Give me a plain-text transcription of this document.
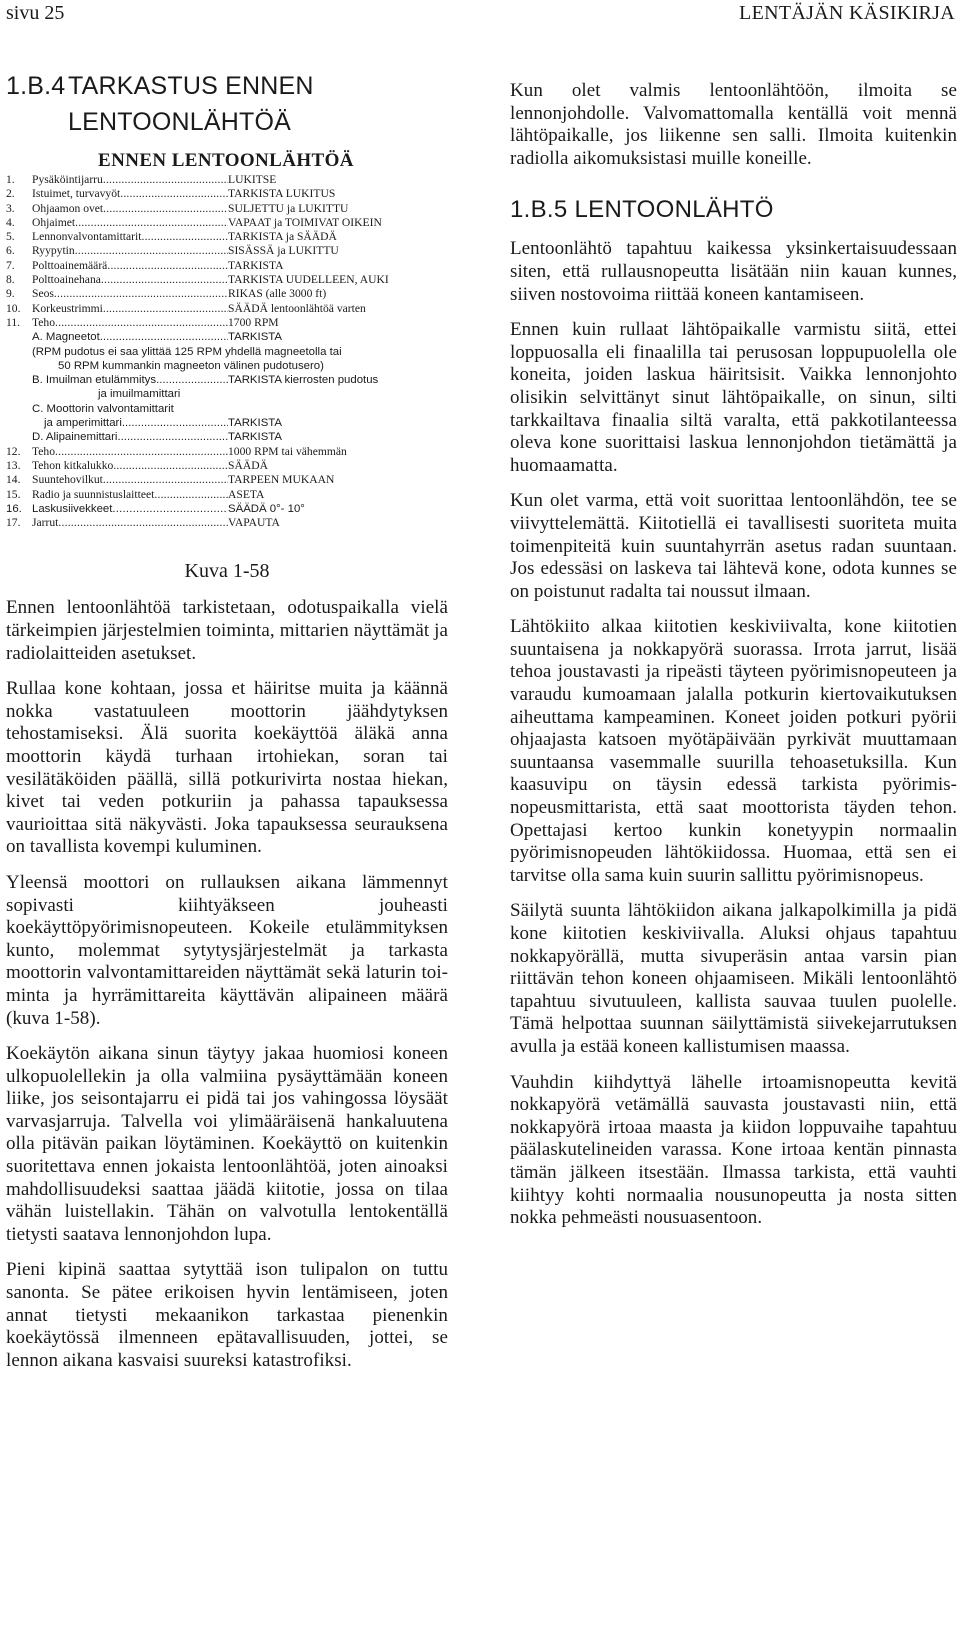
sivu 25	LENTÄJÄN KÄSIKIRJA
1.B.4 TARKASTUS ENNEN
LENTOONLÄHTÖÄ
ENNEN LENTOONLÄHTÖÄ
1.	Pysäköintijarru .....	LUKITSE
2.	Istuimet, turvavyöt .....	TARKISTA LUKITUS
3.	Ohjaamon ovet .....	SULJETTU ja LUKITTU
4.	Ohjaimet .....	VAPAAT ja TOIMIVAT OIKEIN
5.	Lennonvalvontamittarit .....	TARKISTA ja SÄÄDÄ
6.	Ryypytin .....	SISÄSSÄ ja LUKITTU
7.	Polttoainemäärä .....	TARKISTA
8.	Polttoainehana .....	TARKISTA UUDELLEEN, AUKI
9.	Seos .....	RIKAS (alle 3000 ft)
10. Korkeustrimmi .....	SÄÄDÄ lentoonlähtöä varten
11.	Teho .....	1700 RPM
A. Magneetot .....	TARKISTA
(RPM pudotus ei saa ylittää 125 RPM yhdellä magneetolla tai
50 RPM kummankin magneeton välinen pudotusero)
B. Imuilman etulämmitys .....	TARKISTA kierrosten pudotus
ja imuilmamittari
C. Moottorin valvontamittarit
ja amperimittari .....	TARKISTA
D. Alipainemittari .....	TARKISTA
12. Teho .....	1000 RPM tai vähemmän
13. Tehon kitkalukko .....	SÄÄDÄ
14. Suuntehovilkut .....	TARPEEN MUKAAN
15. Radio ja suunnistuslaitteet .....	ASETA
16. Laskusiivekkeet .....	SÄÄDÄ 0°- 10°
17. Jarrut .....	VAPAUTA
Kuva 1-58

Ennen lentoonlähtöä tarkistetaan, odotuspaikalla vielä tärkeimpien järjestelmien toiminta, mittarien näyttämät ja radiolaitteiden asetukset.

Rullaa kone kohtaan, jossa et häiritse muita ja käännä nokka vastatuuleen moottorin jäähdytyksen tehostamiseksi. Älä suorita koekäyttöä äläkä anna moottorin käydä turhaan irtohiekan, soran tai vesilätäköiden päällä, sillä potkurivirta nostaa hiekan, kivet tai veden potkuriin ja pahassa tapauksessa vaurioittaa sitä näkyvästi. Joka tapauksessa seurauksena on tavallista kovempi kuluminen.

Yleensä moottori on rullauksen aikana lämmennyt sopivasti kiihtyäkseen jouheasti koekäyttöpyörimisnopeuteen. Kokeile etulämmityksen kunto, molemmat sytytysjärjestelmät ja tarkasta moottorin valvontamittareiden näyttämät sekä laturin toiminta ja hyrrämittareita käyttävän alipaineen määrä (kuva 1-58).

Koekäytön aikana sinun täytyy jakaa huomiosi koneen ulkopuolellekin ja olla valmiina pysäyttämään koneen liike, jos seisontajarru ei pidä tai jos vahingossa löysäät varvasjarruja. Talvella voi ylimääräisenä hankaluutena olla pitävän paikan löytäminen. Koekäyttö on kuitenkin suoritettava ennen jokaista lentoonlähtöä, joten ainoaksi mahdollisuudeksi saattaa jäädä kiitotie, jossa on tilaa vähän luistellakin. Tähän on valvotulla lentokentällä tietysti saatava lennonjohdon lupa.

Pieni kipinä saattaa sytyttää ison tulipalon on tuttu sanonta. Se pätee erikoisen hyvin lentämiseen, joten annat tietysti mekaanikon tarkastaa pienenkin koekäytössä ilmenneen epätavallisuuden, jottei, se lennon aikana kasvaisi suureksi katastrofiksi.

Kun olet valmis lentoonlähtöön, ilmoita se lennonjohdolle. Valvomattomalla kentällä voit mennä lähtöpaikalle, jos liikenne sen salli. Ilmoita kuitenkin radiolla aikomuksistasi muille koneille.

1.B.5 LENTOONLÄHTÖ

Lentoonlähtö tapahtuu kaikessa yksinkertaisuudessaan siten, että rullausnopeutta lisätään niin kauan kunnes, siiven nostovoima riittää koneen kantamiseen.

Ennen kuin rullaat lähtöpaikalle varmistu siitä, ettei loppuosalla eli finaalilla tai perusosan loppupuolella ole koneita, joiden laskua häiritsisit. Vaikka lennonjohto olisikin selvittänyt sinut lähtöpaikalle, on sinun, silti tarkkailtava finaalia siltä varalta, että pakkotilanteessa oleva kone suorittaisi laskua lennonjohdon tietämättä ja huomaamatta.

Kun olet varma, että voit suorittaa lentoonlähdön, tee se viivyttelemättä. Kiitotiellä ei tavallisesti suoriteta muita toimenpiteitä kuin suuntahyrrän asetus radan suuntaan. Jos edessäsi on laskeva tai lähtevä kone, odota kunnes se on poistunut radalta tai noussut ilmaan.

Lähtökiito alkaa kiitotien keskiviivalta, kone kiitotien suuntaisena ja nokkapyörä suorassa. Irrota jarrut, lisää tehoa joustavasti ja ripeästi täyteen pyörimisnopeuteen ja varaudu kumoamaan jalalla potkurin kiertovaikutuksen aiheuttama kampeaminen. Koneet joiden potkuri pyörii ohjaajasta katsoen myötäpäivään pyrkivät muuttamaan suuntaansa vasemmalle suurilla tehoasetuksilla. Kun kaasuvipu on täysin edessä tarkista pyörimisnopeusmittarista, että saat moottorista täyden tehon. Opettajasi kertoo kunkin konetyypin normaalin pyörimisnopeuden lähtökiidossa. Huomaa, että sen ei tarvitse olla sama kuin suurin sallittu pyörimisnopeus.

Säilytä suunta lähtökiidon aikana jalkapolkimilla ja pidä kone kiitotien keskiviivalla. Aluksi ohjaus tapahtuu nokkapyörällä, mutta sivuperäsin antaa varsin pian riittävän tehon koneen ohjaamiseen. Mikäli lentoonlähtö tapahtuu sivutuuleen, kallista sauvaa tuulen puolelle. Tämä helpottaa suunnan säilyttämistä siivekejarrutuksen avulla ja estää koneen kallistumisen maassa.

Vauhdin kiihdyttyä lähelle irtoamisnopeutta kevitä nokkapyörä vetämällä sauvasta joustavasti niin, että nokkapyörä irtoaa maasta ja kiidon loppuvaihe tapahtuu päälaskutelineiden varassa. Kone irtoaa kentän pinnasta tämän jälkeen itsestään. Ilmassa tarkista, että vauhti kiihtyy kohti normaalia nousunopeutta ja nosta sitten nokka pehmeästi nousuasentoon.
